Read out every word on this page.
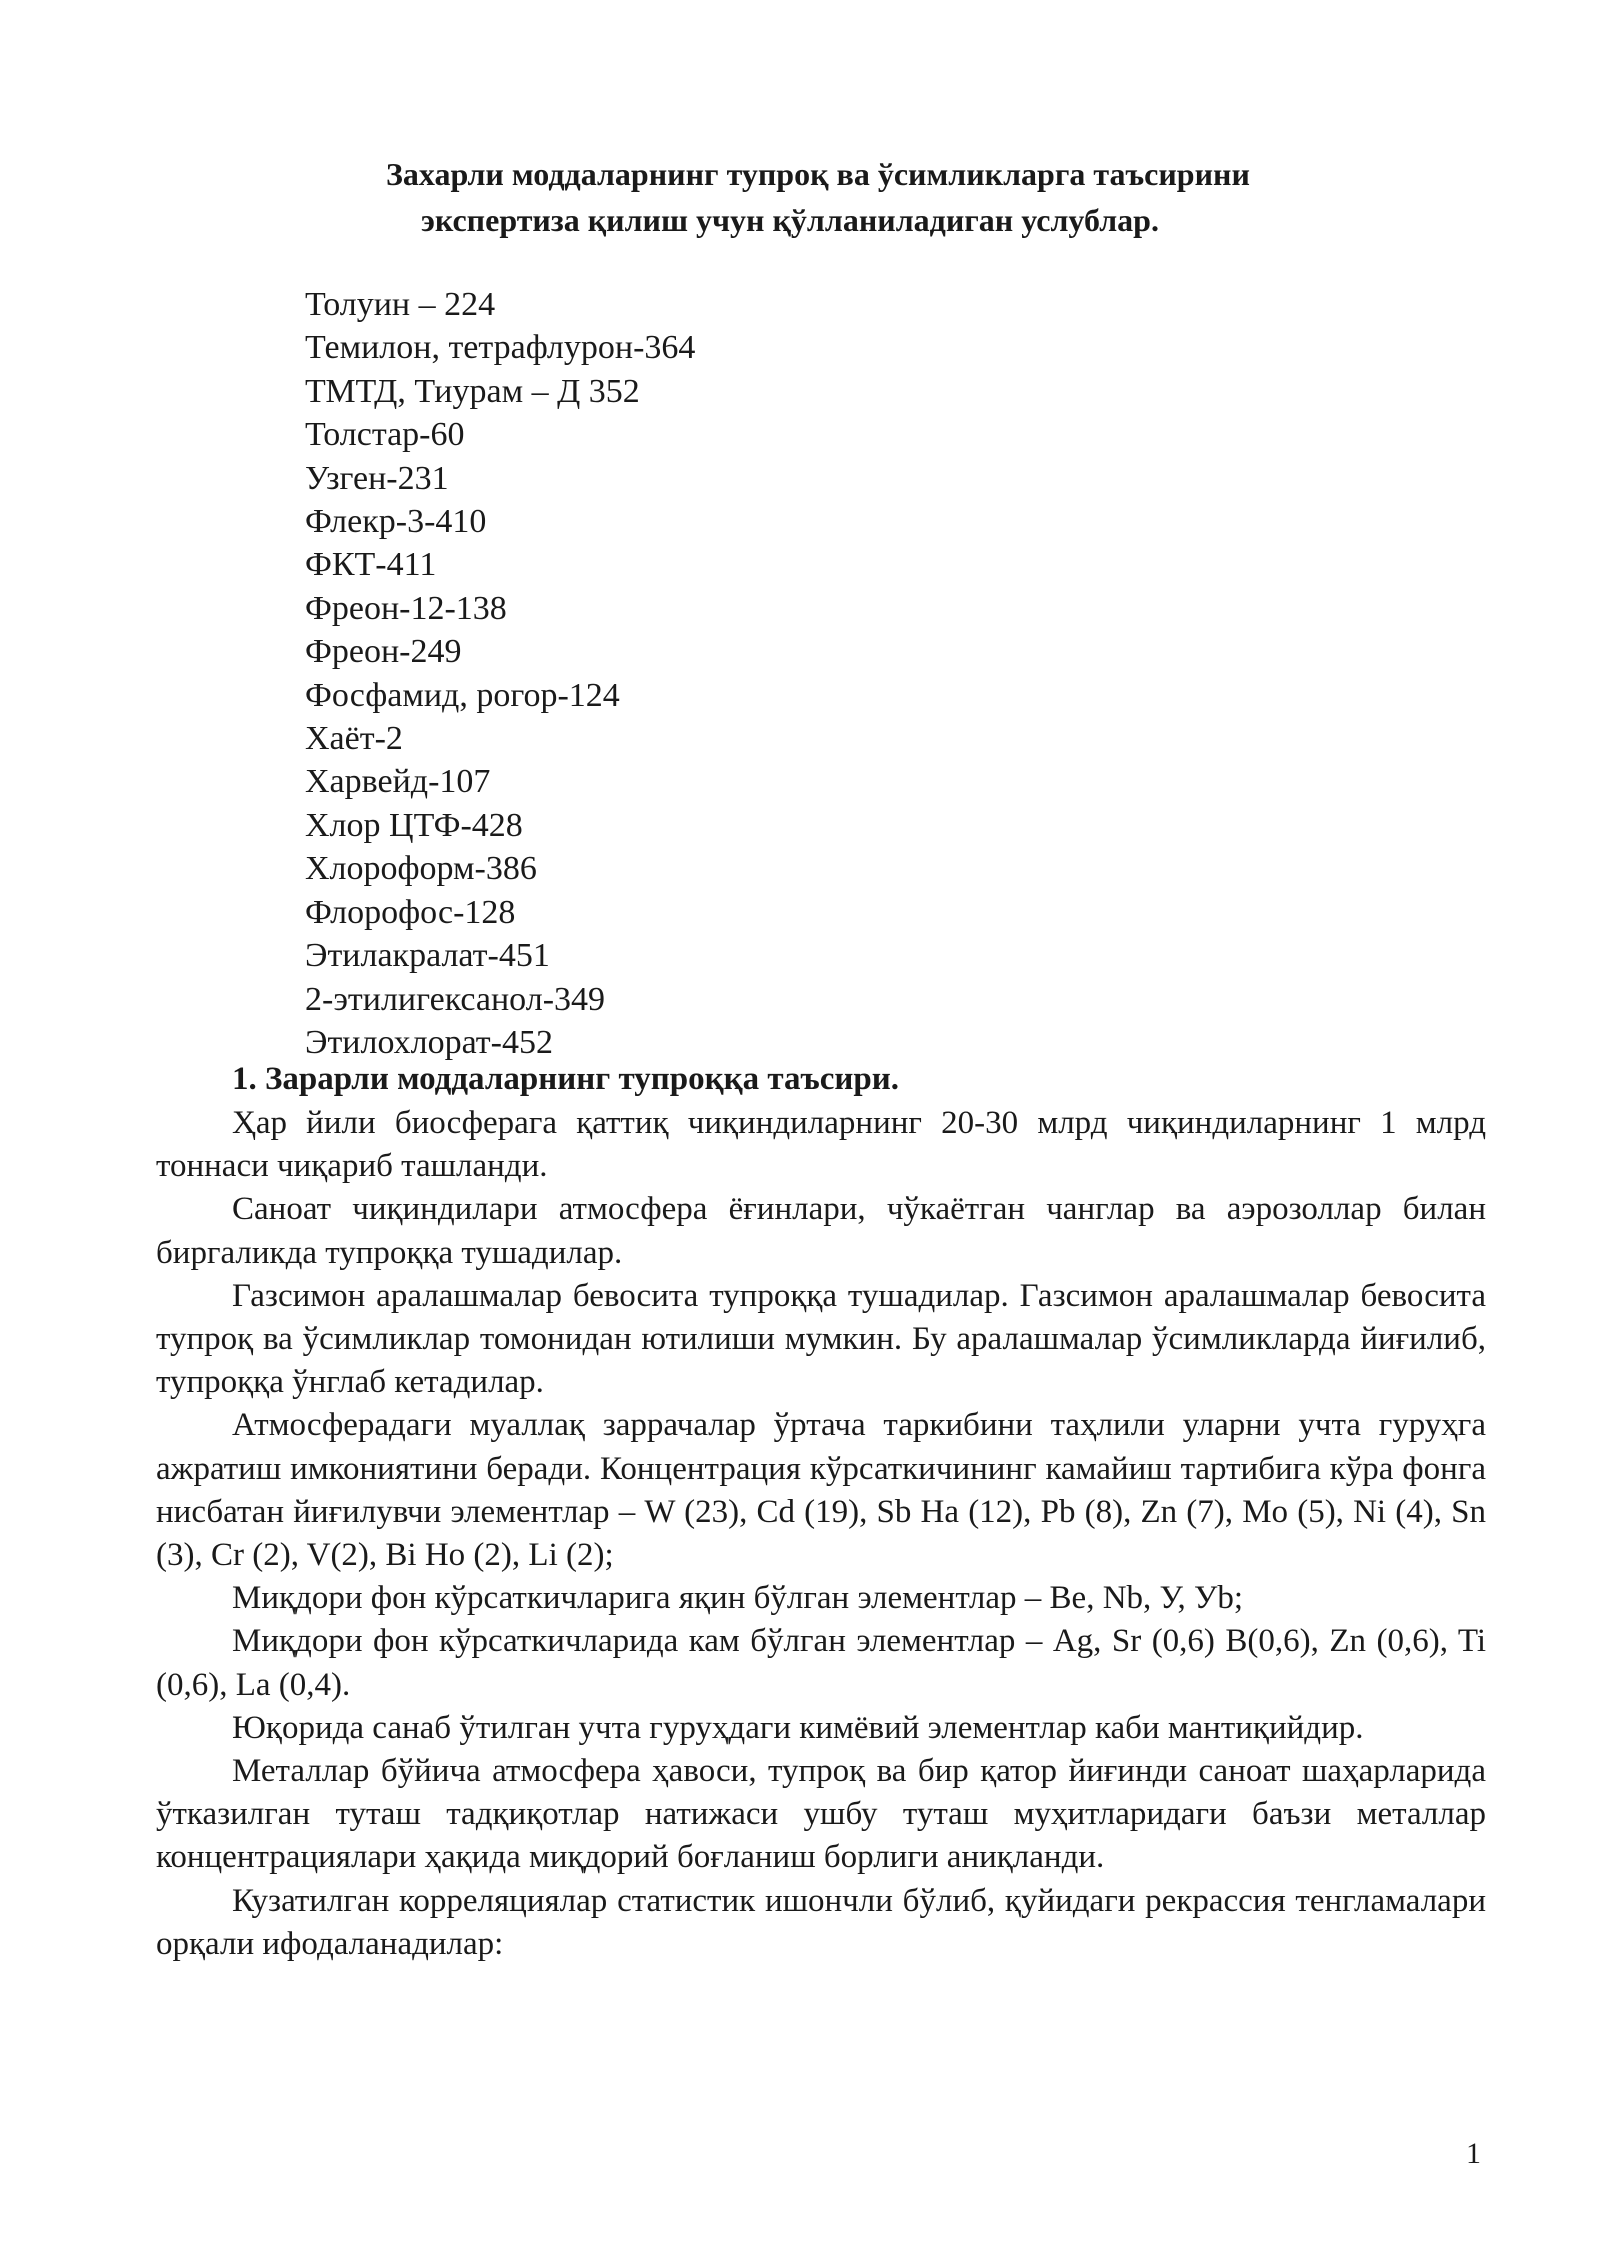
Захарли моддаларнинг тупроқ ва ўсимликларга таъсирини
экспертиза қилиш учун қўлланиладиган услублар.
Толуин – 224
Темилон, тетрафлурон-364
ТМТД, Тиурам – Д 352
Толстар-60
Узген-231
Флекр-3-410
ФКТ-411
Фреон-12-138
Фреон-249
Фосфамид, рогор-124
Хаёт-2
Харвейд-107
Хлор ЦТФ-428
Хлороформ-386
Флорофос-128
Этилакралат-451
2-этилигексанол-349
Этилохлорат-452
1. Зарарли моддаларнинг тупроққа таъсири.

Ҳар йили биосферага қаттиқ чиқиндиларнинг 20-30 млрд чиқиндиларнинг 1 млрд тоннаси чиқариб ташланди.

Саноат чиқиндилари атмосфера ёғинлари, чўкаётган чанглар ва аэрозоллар билан биргаликда тупроққа тушадилар.

Газсимон аралашмалар бевосита тупроққа тушадилар. Газсимон аралашмалар бевосита тупроқ ва ўсимликлар томонидан ютилиши мумкин. Бу аралашмалар ўсимликларда йиғилиб, тупроққа ўнглаб кетадилар.

Атмосферадаги муаллақ заррачалар ўртача таркибини таҳлили уларни учта гуруҳга ажратиш имкониятини беради. Концентрация кўрсаткичининг камайиш тартибига кўра фонга нисбатан йиғилувчи элементлар – W (23), Cd (19), Sb Ha (12), Pb (8), Zn (7), Mo (5), Ni (4), Sn (3), Cr (2), V(2), Bi Ho (2), Li (2);

Миқдори фон кўрсаткичларига яқин бўлган элементлар – Be, Nb, У, Уb;

Миқдори фон кўрсаткичларида кам бўлган элементлар – Ag, Sr (0,6) B(0,6), Zn (0,6), Ti (0,6), La (0,4).

Юқорида санаб ўтилган учта гуруҳдаги кимёвий элементлар каби мантиқийдир.

Металлар бўйича атмосфера ҳавоси, тупроқ ва бир қатор йиғинди саноат шаҳарларида ўтказилган туташ тадқиқотлар натижаси ушбу туташ муҳитларидаги баъзи металлар концентрациялари ҳақида миқдорий боғланиш борлиги аниқланди.

Кузатилган корреляциялар статистик ишончли бўлиб, қуйидаги рекрассия тенгламалари орқали ифодаланадилар:

1
